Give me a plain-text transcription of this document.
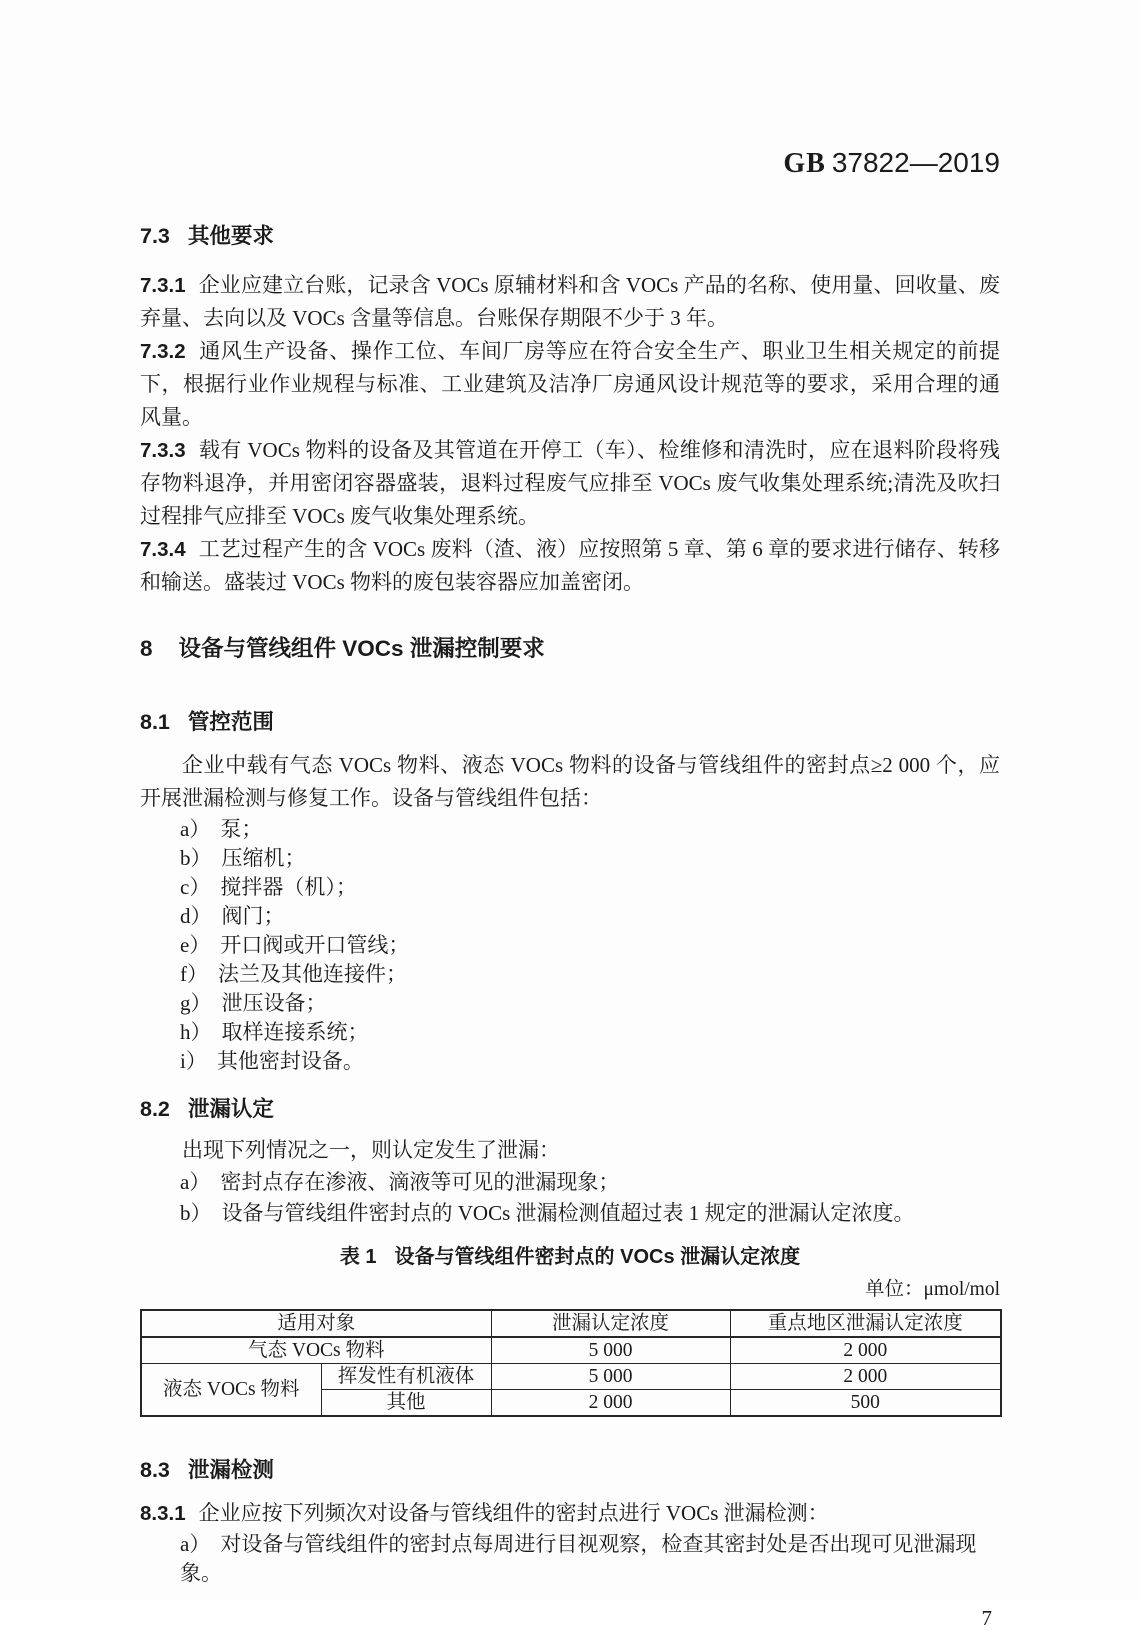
GB 37822—2019
7.3 其他要求

7.3.1 企业应建立台账，记录含 VOCs 原辅材料和含 VOCs 产品的名称、使用量、回收量、废弃量、去向以及 VOCs 含量等信息。台账保存期限不少于 3 年。

7.3.2 通风生产设备、操作工位、车间厂房等应在符合安全生产、职业卫生相关规定的前提下，根据行业作业规程与标准、工业建筑及洁净厂房通风设计规范等的要求，采用合理的通风量。

7.3.3 载有 VOCs 物料的设备及其管道在开停工（车）、检维修和清洗时，应在退料阶段将残存物料退净，并用密闭容器盛装，退料过程废气应排至 VOCs 废气收集处理系统;清洗及吹扫过程排气应排至 VOCs 废气收集处理系统。

7.3.4 工艺过程产生的含 VOCs 废料（渣、液）应按照第 5 章、第 6 章的要求进行储存、转移和输送。盛装过 VOCs 物料的废包装容器应加盖密闭。

8 设备与管线组件 VOCs 泄漏控制要求
8.1 管控范围

企业中载有气态 VOCs 物料、液态 VOCs 物料的设备与管线组件的密封点≥2 000 个，应开展泄漏检测与修复工作。设备与管线组件包括：

a） 泵；
b） 压缩机；
c） 搅拌器（机）；
d） 阀门；
e） 开口阀或开口管线；
f） 法兰及其他连接件；
g） 泄压设备；
h） 取样连接系统；
i） 其他密封设备。
8.2 泄漏认定

出现下列情况之一，则认定发生了泄漏：

a） 密封点存在渗液、滴液等可见的泄漏现象；
b） 设备与管线组件密封点的 VOCs 泄漏检测值超过表 1 规定的泄漏认定浓度。
表 1 设备与管线组件密封点的 VOCs 泄漏认定浓度
单位：μmol/mol
适用对象		泄漏认定浓度	重点地区泄漏认定浓度
气态 VOCs 物料		5 000	2 000
液态 VOCs 物料	挥发性有机液体	5 000	2 000
	其他	2 000	500
8.3 泄漏检测

8.3.1 企业应按下列频次对设备与管线组件的密封点进行 VOCs 泄漏检测：

a） 对设备与管线组件的密封点每周进行目视观察，检查其密封处是否出现可见泄漏现象。
7
